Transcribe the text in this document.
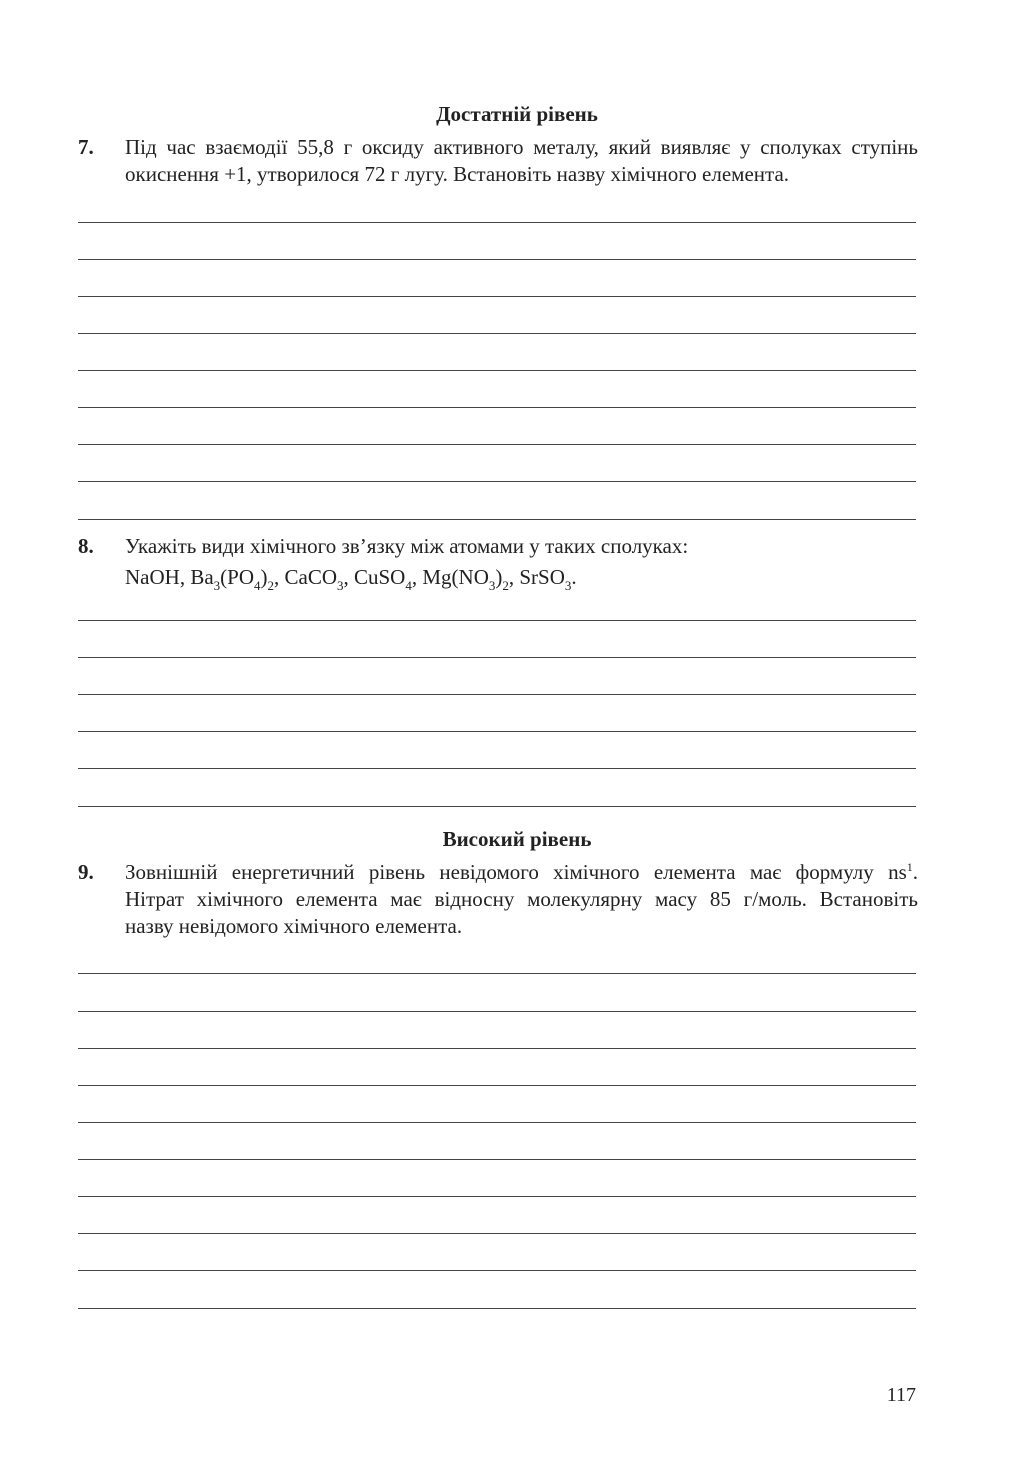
Достатній рівень
7. Під час взаємодії 55,8 г оксиду активного металу, який виявляє у сполуках ступінь

окиснення +1, утворилося 72 г лугу. Встановіть назву хімічного елемента.

8. Укажіть види хімічного зв’язку між атомами у таких сполуках:

NaOH, $Ba_3(PO_4)_2$, CaCO$_3$, CuSO$_4$, $Mg(NO_3)_2$, SrSO$_3$.

Високий рівень
9. Зовнішній енергетичний рівень невідомого хімічного елемента має формулу $ns^1$.

Нітрат хімічного елемента має відносну молекулярну масу 85 г/моль. Встановіть

назву невідомого хімічного елемента.

117
